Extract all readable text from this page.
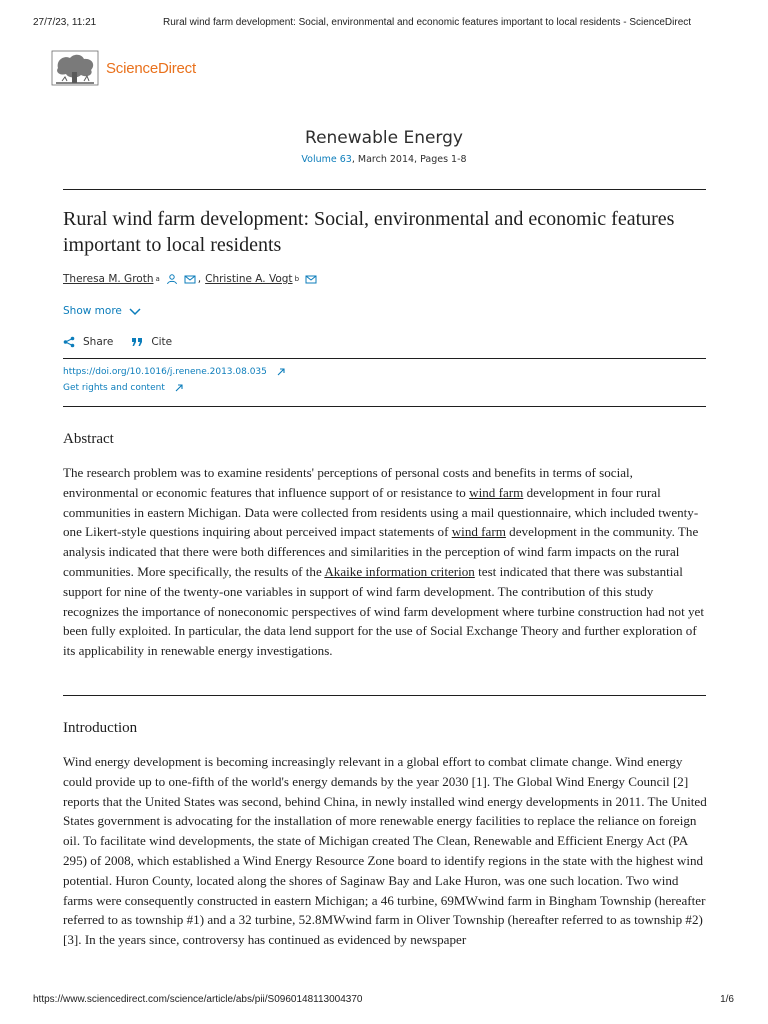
27/7/23, 11:21	Rural wind farm development: Social, environmental and economic features important to local residents - ScienceDirect
ScienceDirect
Renewable Energy
Volume 63, March 2014, Pages 1-8
Rural wind farm development: Social, environmental and economic features important to local residents
Theresa M. Groth a	, Christine A. Vogt b
Show more
Share	Cite
https://doi.org/10.1016/j.renene.2013.08.035
Get rights and content
Abstract
The research problem was to examine residents' perceptions of personal costs and benefits in terms of social, environmental or economic features that influence support of or resistance to wind farm development in four rural communities in eastern Michigan. Data were collected from residents using a mail questionnaire, which included twenty-one Likert-style questions inquiring about perceived impact statements of wind farm development in the community. The analysis indicated that there were both differences and similarities in the perception of wind farm impacts on the rural communities. More specifically, the results of the Akaike information criterion test indicated that there was substantial support for nine of the twenty-one variables in support of wind farm development. The contribution of this study recognizes the importance of noneconomic perspectives of wind farm development where turbine construction had not yet been fully exploited. In particular, the data lend support for the use of Social Exchange Theory and further exploration of its applicability in renewable energy investigations.
Introduction
Wind energy development is becoming increasingly relevant in a global effort to combat climate change. Wind energy could provide up to one-fifth of the world's energy demands by the year 2030 [1]. The Global Wind Energy Council [2] reports that the United States was second, behind China, in newly installed wind energy developments in 2011. The United States government is advocating for the installation of more renewable energy facilities to replace the reliance on foreign oil. To facilitate wind developments, the state of Michigan created The Clean, Renewable and Efficient Energy Act (PA 295) of 2008, which established a Wind Energy Resource Zone board to identify regions in the state with the highest wind potential. Huron County, located along the shores of Saginaw Bay and Lake Huron, was one such location. Two wind farms were consequently constructed in eastern Michigan; a 46 turbine, 69MWwind farm in Bingham Township (hereafter referred to as township #1) and a 32 turbine, 52.8MWwind farm in Oliver Township (hereafter referred to as township #2) [3]. In the years since, controversy has continued as evidenced by newspaper
https://www.sciencedirect.com/science/article/abs/pii/S0960148113004370	1/6
